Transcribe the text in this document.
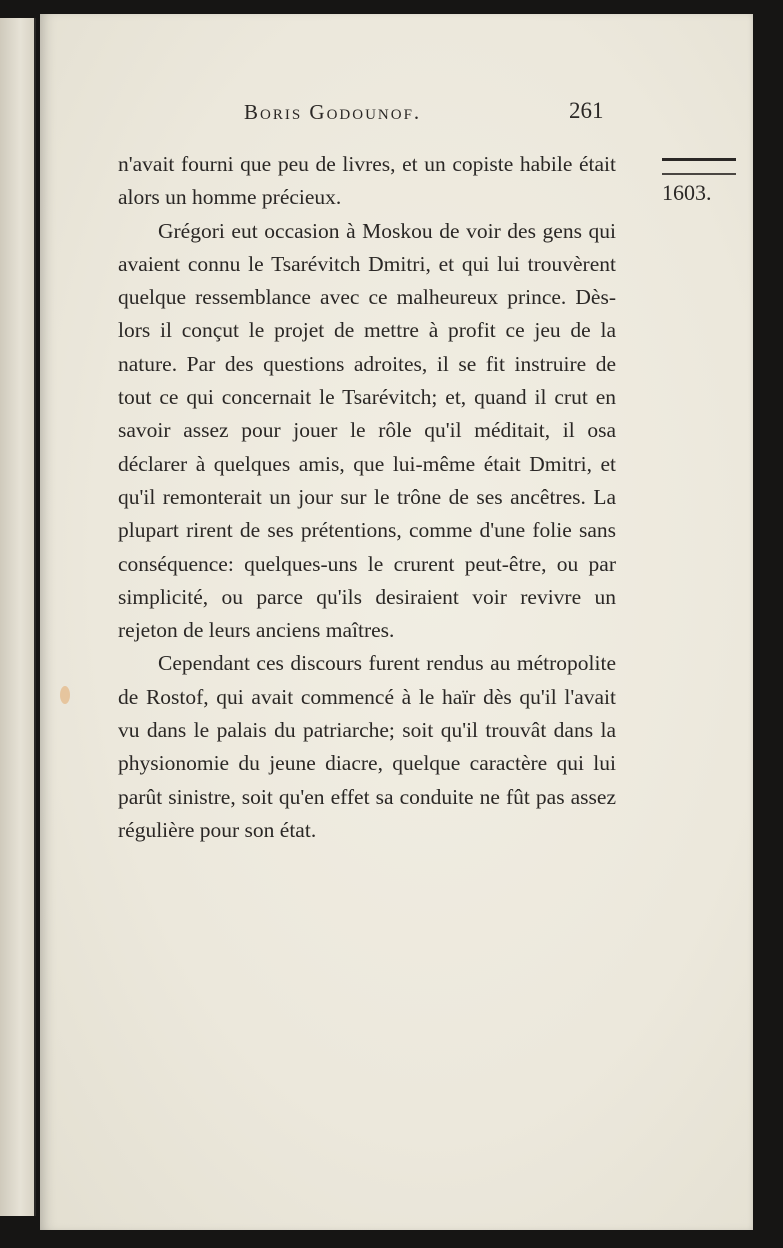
Boris Godounof.	261
1603.

n'avait fourni que peu de livres, et un copiste habile était alors un homme précieux.

Grégori eut occasion à Moskou de voir des gens qui avaient connu le Tsarévitch Dmitri, et qui lui trouvèrent quelque ressemblance avec ce malheureux prince. Dès-lors il conçut le projet de mettre à profit ce jeu de la nature. Par des questions adroites, il se fit instruire de tout ce qui concernait le Tsarévitch; et, quand il crut en savoir assez pour jouer le rôle qu'il méditait, il osa déclarer à quelques amis, que lui-même était Dmitri, et qu'il remonterait un jour sur le trône de ses ancêtres. La plupart rirent de ses prétentions, comme d'une folie sans conséquence: quelques-uns le crurent peut-être, ou par simplicité, ou parce qu'ils desiraient voir revivre un rejeton de leurs anciens maîtres.

Cependant ces discours furent rendus au métropolite de Rostof, qui avait commencé à le haïr dès qu'il l'avait vu dans le palais du patriarche; soit qu'il trouvât dans la physionomie du jeune diacre, quelque caractère qui lui parût sinistre, soit qu'en effet sa conduite ne fût pas assez régulière pour son état.
